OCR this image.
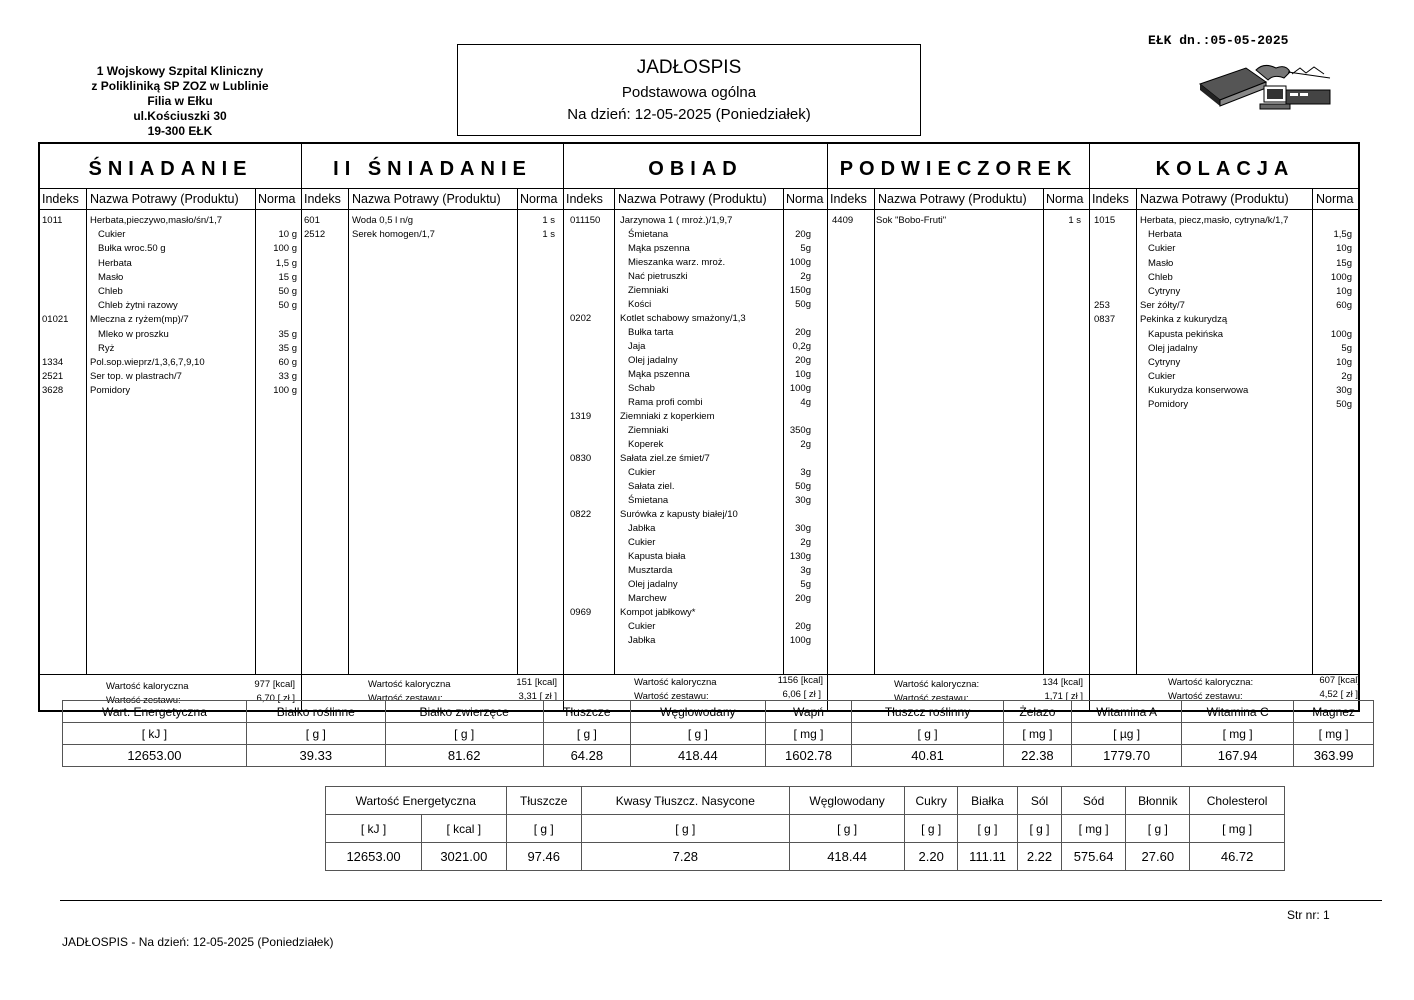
1 Wojskowy Szpital Kliniczny
z Polikliniką SP ZOZ w Lublinie
Filia w Ełku
ul.Kościuszki 30
19-300 EŁK
JADŁOSPIS
Podstawowa ogólna
Na dzień: 12-05-2025 (Poniedziałek)
EŁK dn.:05-05-2025
ŚNIADANIE
Indeks Nazwa Potrawy (Produktu) Norma
1011	Herbata,pieczywo,masło/śn/1,7
Cukier	10 g
Bułka wroc.50 g	100 g
Herbata	1,5 g
Masło	15 g
Chleb	50 g
Chleb żytni razowy	50 g
01021 Mleczna z ryżem(mp)/7
Mleko w proszku	35 g
Ryż	35 g
1334	Pol.sop.wieprz/1,3,6,7,9,10	60 g
2521	Ser top. w plastrach/7	33 g
3628	Pomidory	100 g
Wartość kaloryczna	977 [kcal]
Wartość zestawu:	6,70 [ zł ]
II ŚNIADANIE
Indeks Nazwa Potrawy (Produktu) Norma
601	Woda 0,5 l n/g	1 s
2512	Serek homogen/1,7	1 s
Wartość kaloryczna	151 [kcal]
Wartość zestawu:	3,31 [ zł ]
OBIAD
Indeks Nazwa Potrawy (Produktu) Norma
011150 Jarzynowa 1 ( mroż.)/1,9,7
Śmietana	20g
Mąka pszenna	5g
Mieszanka warz. mroż.	100g
Nać pietruszki	2g
Ziemniaki	150g
Kości	50g
0202	Kotlet schabowy smażony/1,3
Bułka tarta	20g
Jaja	0,2g
Olej jadalny	20g
Mąka pszenna	10g
Schab	100g
Rama profi combi	4g
1319	Ziemniaki z koperkiem
Ziemniaki	350g
Koperek	2g
0830	Sałata ziel.ze śmiet/7
Cukier	3g
Sałata ziel.	50g
Śmietana	30g
0822	Surówka z kapusty białej/10
Jabłka	30g
Cukier	2g
Kapusta biała	130g
Musztarda	3g
Olej jadalny	5g
Marchew	20g
0969	Kompot jabłkowy*
Cukier	20g
Jabłka	100g
Wartość kaloryczna	1156 [kcal]
Wartość zestawu:	6,06 [ zł ]
PODWIECZOREK
Indeks Nazwa Potrawy (Produktu) Norma
4409 Sok "Bobo-Fruti"	1 s
Wartość kaloryczna:	134 [kcal]
Wartość zestawu:	1,71 [ zł ]
KOLACJA
Indeks Nazwa Potrawy (Produktu) Norma
1015	Herbata, piecz,masło, cytryna/k/1,7
Herbata	1,5g
Cukier	10g
Masło	15g
Chleb	100g
Cytryny	10g
253	Ser żółty/7	60g
0837	Pekinka z kukurydzą
Kapusta pekińska	100g
Olej jadalny	5g
Cytryny	10g
Cukier	2g
Kukurydza konserwowa	30g
Pomidory	50g
Wartość kaloryczna:	607 [kcal]
Wartość zestawu:	4,52 [ zł ]
Wart. Energetyczna	Białko roślinne	Białko zwierzęce	Tłuszcze	Węglowodany	Wapń	Tłuszcz roślinny	Żelazo	Witamina A	Witamina C	Magnez
[ kJ ]	[ g ]	[ g ]	[ g ]	[ g ]	[ mg ]	[ g ]	[ mg ]	[ µg ]	[ mg ]	[ mg ]
12653.00	39.33	81.62	64.28	418.44	1602.78	40.81	22.38	1779.70	167.94	363.99
Wartość Energetyczna		Tłuszcze	Kwasy Tłuszcz. Nasycone	Węglowodany	Cukry	Białka	Sól	Sód	Błonnik	Cholesterol
[ kJ ]	[ kcal ]	[ g ]	[ g ]	[ g ]	[ g ]	[ g ]	[ g ]	[ mg ]	[ g ]	[ mg ]
12653.00	3021.00	97.46	7.28	418.44	2.20	111.11	2.22	575.64	27.60	46.72
Str nr: 1
JADŁOSPIS - Na dzień: 12-05-2025 (Poniedziałek)
